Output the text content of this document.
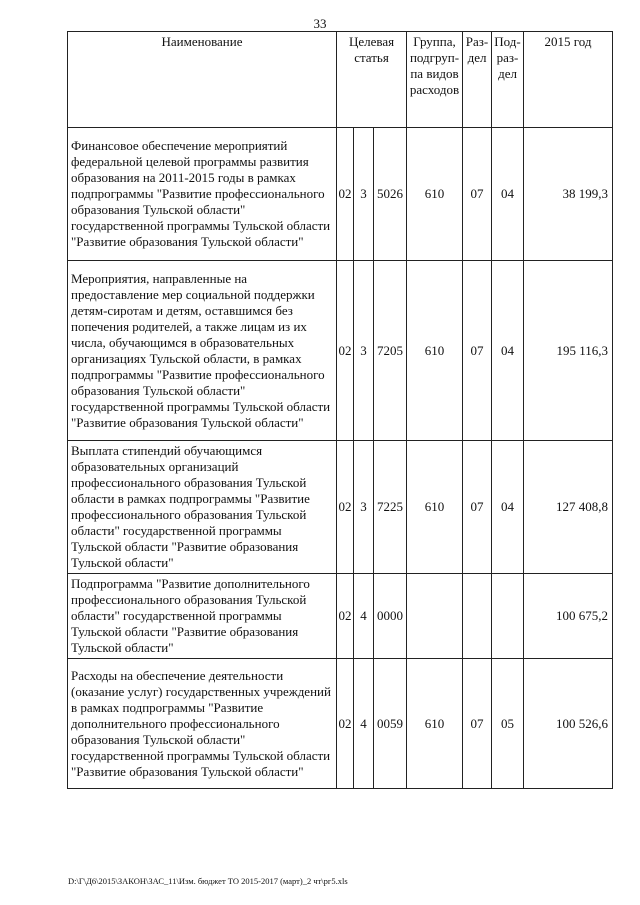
33
Наименование	Целевая статья			Группа, подгруп-па видов расходов	Раз-дел	Под-раз-дел	2015 год
Финансовое обеспечение мероприятий федеральной целевой программы развития образования на 2011-2015 годы в рамках подпрограммы "Развитие профессионального образования Тульской области" государственной программы Тульской области "Развитие образования Тульской области"	02	3	5026	610	07	04	38 199,3
Мероприятия, направленные на предоставление мер социальной поддержки детям-сиротам и детям, оставшимся без попечения родителей, а также лицам из их числа, обучающимся в образовательных организациях Тульской области, в рамках подпрограммы "Развитие профессионального образования Тульской области" государственной программы Тульской области "Развитие образования Тульской области"	02	3	7205	610	07	04	195 116,3
Выплата стипендий обучающимся образовательных организаций профессионального образования Тульской области в рамках подпрограммы "Развитие профессионального образования Тульской области" государственной программы Тульской области "Развитие образования Тульской области"	02	3	7225	610	07	04	127 408,8
Подпрограмма "Развитие дополнительного профессионального образования Тульской области" государственной программы Тульской области "Развитие образования Тульской области"	02	4	0000				100 675,2
Расходы на обеспечение деятельности (оказание услуг) государственных учреждений в рамках подпрограммы "Развитие дополнительного профессионального образования Тульской области" государственной программы Тульской области "Развитие образования Тульской области"	02	4	0059	610	07	05	100 526,6
D:\Г\Д6\2015\ЗАКОН\ЗАС_11\Изм. бюджет ТО 2015-2017 (март)_2 чт\рг5.xls
